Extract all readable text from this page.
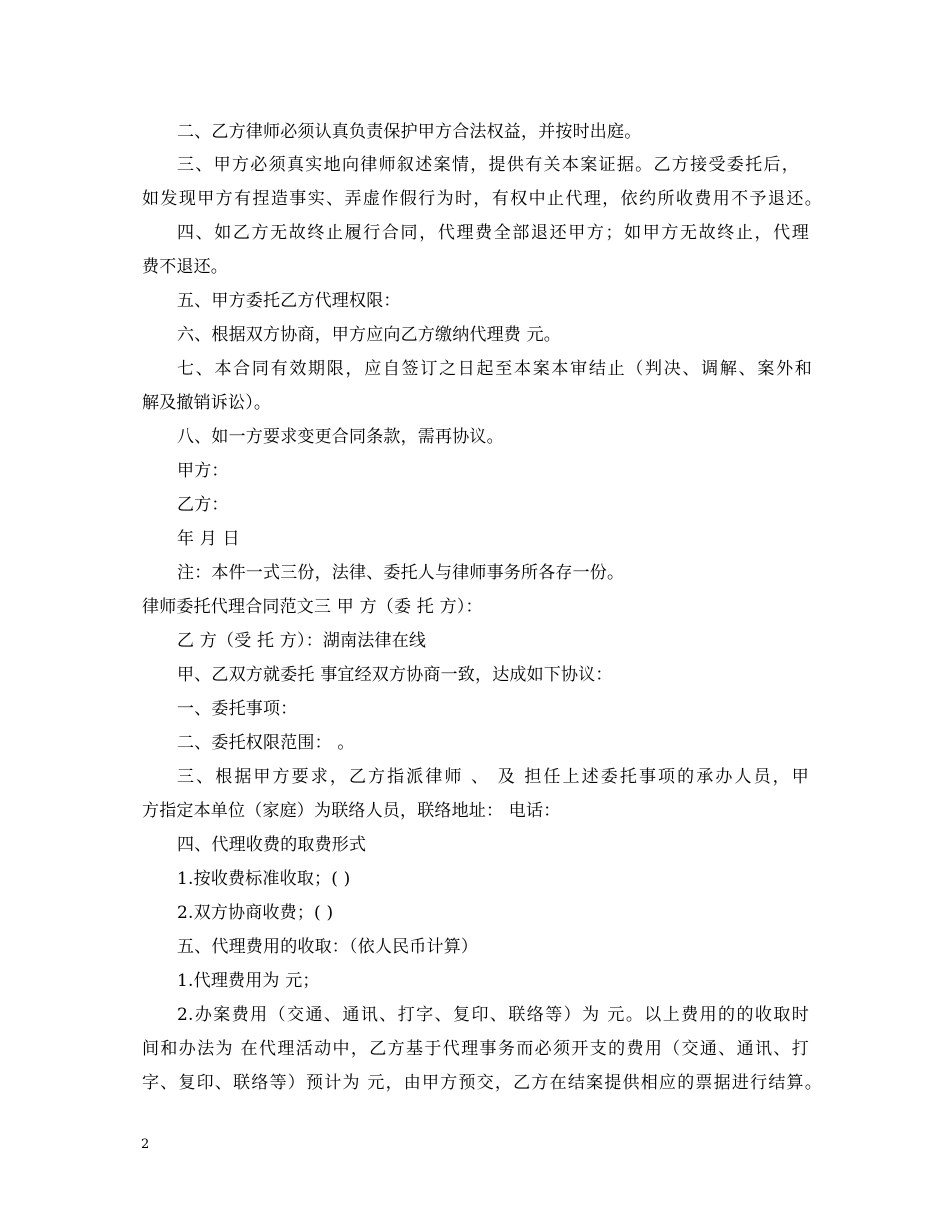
二、乙方律师必须认真负责保护甲方合法权益，并按时出庭。
三、甲方必须真实地向律师叙述案情，提供有关本案证据。乙方接受委托后，
如发现甲方有捏造事实、弄虚作假行为时，有权中止代理，依约所收费用不予退还。
四、如乙方无故终止履行合同，代理费全部退还甲方；如甲方无故终止，代理
费不退还。
五、甲方委托乙方代理权限：
六、根据双方协商，甲方应向乙方缴纳代理费 元。
七、本合同有效期限，应自签订之日起至本案本审结止（判决、调解、案外和
解及撤销诉讼）。
八、如一方要求变更合同条款，需再协议。
甲方：
乙方：
年 月 日
注：本件一式三份，法律、委托人与律师事务所各存一份。
律师委托代理合同范文三 甲 方（委 托 方）：
乙 方（受 托 方）：湖南法律在线
甲、乙双方就委托 事宜经双方协商一致，达成如下协议：
一、委托事项：
二、委托权限范围： 。
三、根据甲方要求，乙方指派律师 、 及 担任上述委托事项的承办人员，甲
方指定本单位（家庭）为联络人员，联络地址： 电话：
四、代理收费的取费形式
1.按收费标准收取；( )
2.双方协商收费；( )
五、代理费用的收取：（依人民币计算）
1.代理费用为 元；
2.办案费用（交通、通讯、打字、复印、联络等）为 元。以上费用的的收取时
间和办法为 在代理活动中，乙方基于代理事务而必须开支的费用（交通、通讯、打
字、复印、联络等）预计为 元，由甲方预交，乙方在结案提供相应的票据进行结算。
2
